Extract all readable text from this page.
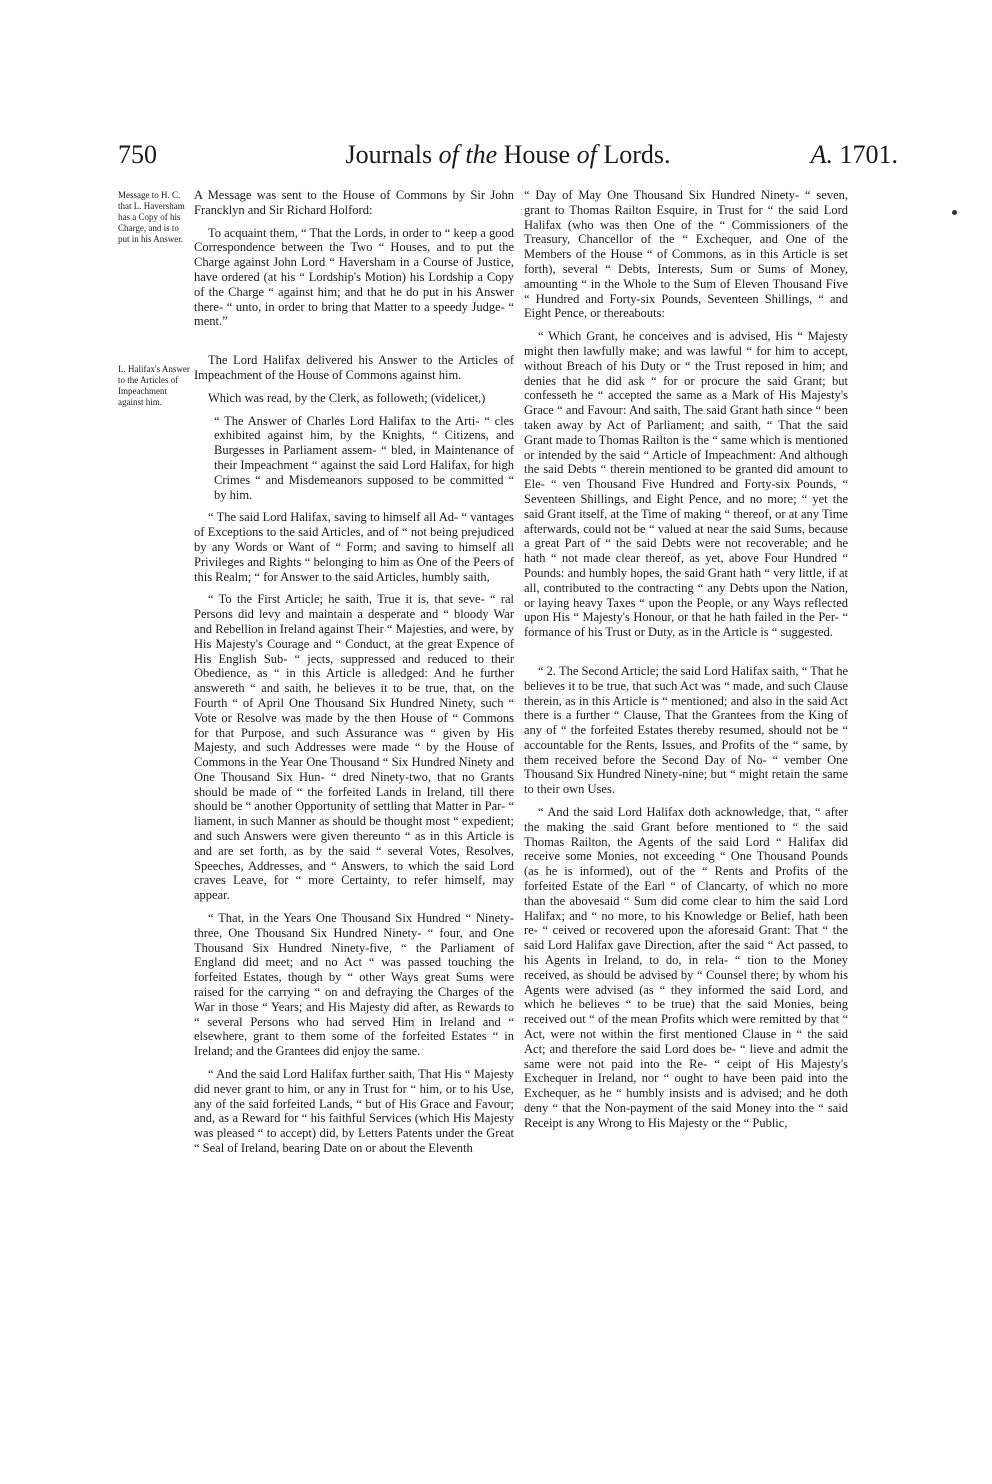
750	Journals of the House of Lords.	A. 1701.
Message to H. C. that L. Haversham has a Copy of his Charge, and is to put in his Answer.
L. Halifax's Answer to the Articles of Impeachment against him.

A Message was sent to the House of Commons by Sir John Francklyn and Sir Richard Holford:

To acquaint them, “ That the Lords, in order to “ keep a good Correspondence between the Two “ Houses, and to put the Charge against John Lord “ Haversham in a Course of Justice, have ordered (at his “ Lordship's Motion) his Lordship a Copy of the Charge “ against him; and that he do put in his Answer there- “ unto, in order to bring that Matter to a speedy Judge- “ ment.”

The Lord Halifax delivered his Answer to the Articles of Impeachment of the House of Commons against him.

Which was read, by the Clerk, as followeth; (videlicet,)

“ The Answer of Charles Lord Halifax to the Arti- “ cles exhibited against him, by the Knights, “ Citizens, and Burgesses in Parliament assem- “ bled, in Maintenance of their Impeachment “ against the said Lord Halifax, for high Crimes “ and Misdemeanors supposed to be committed “ by him.

“ The said Lord Halifax, saving to himself all Ad- “ vantages of Exceptions to the said Articles, and of “ not being prejudiced by any Words or Want of “ Form; and saving to himself all Privileges and Rights “ belonging to him as One of the Peers of this Realm; “ for Answer to the said Articles, humbly saith,

“ To the First Article; he saith, True it is, that seve- “ ral Persons did levy and maintain a desperate and “ bloody War and Rebellion in Ireland against Their “ Majesties, and were, by His Majesty's Courage and “ Conduct, at the great Expence of His English Sub- “ jects, suppressed and reduced to their Obedience, as “ in this Article is alledged: And he further answereth “ and saith, he believes it to be true, that, on the Fourth “ of April One Thousand Six Hundred Ninety, such “ Vote or Resolve was made by the then House of “ Commons for that Purpose, and such Assurance was “ given by His Majesty, and such Addresses were made “ by the House of Commons in the Year One Thousand “ Six Hundred Ninety and One Thousand Six Hun- “ dred Ninety-two, that no Grants should be made of “ the forfeited Lands in Ireland, till there should be “ another Opportunity of settling that Matter in Par- “ liament, in such Manner as should be thought most “ expedient; and such Answers were given thereunto “ as in this Article is and are set forth, as by the said “ several Votes, Resolves, Speeches, Addresses, and “ Answers, to which the said Lord craves Leave, for “ more Certainty, to refer himself, may appear.

“ That, in the Years One Thousand Six Hundred “ Ninety-three, One Thousand Six Hundred Ninety- “ four, and One Thousand Six Hundred Ninety-five, “ the Parliament of England did meet; and no Act “ was passed touching the forfeited Estates, though by “ other Ways great Sums were raised for the carrying “ on and defraying the Charges of the War in those “ Years; and His Majesty did after, as Rewards to “ several Persons who had served Him in Ireland and “ elsewhere, grant to them some of the forfeited Estates “ in Ireland; and the Grantees did enjoy the same.

“ And the said Lord Halifax further saith, That His “ Majesty did never grant to him, or any in Trust for “ him, or to his Use, any of the said forfeited Lands, “ but of His Grace and Favour; and, as a Reward for “ his faithful Services (which His Majesty was pleased “ to accept) did, by Letters Patents under the Great “ Seal of Ireland, bearing Date on or about the Eleventh

“ Day of May One Thousand Six Hundred Ninety- “ seven, grant to Thomas Railton Esquire, in Trust for “ the said Lord Halifax (who was then One of the “ Commissioners of the Treasury, Chancellor of the “ Exchequer, and One of the Members of the House “ of Commons, as in this Article is set forth), several “ Debts, Interests, Sum or Sums of Money, amounting “ in the Whole to the Sum of Eleven Thousand Five “ Hundred and Forty-six Pounds, Seventeen Shillings, “ and Eight Pence, or thereabouts:

“ Which Grant, he conceives and is advised, His “ Majesty might then lawfully make; and was lawful “ for him to accept, without Breach of his Duty or “ the Trust reposed in him; and denies that he did ask “ for or procure the said Grant; but confesseth he “ accepted the same as a Mark of His Majesty's Grace “ and Favour: And saith, The said Grant hath since “ been taken away by Act of Parliament; and saith, “ That the said Grant made to Thomas Railton is the “ same which is mentioned or intended by the said “ Article of Impeachment: And although the said Debts “ therein mentioned to be granted did amount to Ele- “ ven Thousand Five Hundred and Forty-six Pounds, “ Seventeen Shillings, and Eight Pence, and no more; “ yet the said Grant itself, at the Time of making “ thereof, or at any Time afterwards, could not be “ valued at near the said Sums, because a great Part of “ the said Debts were not recoverable; and he hath “ not made clear thereof, as yet, above Four Hundred “ Pounds: and humbly hopes, the said Grant hath “ very little, if at all, contributed to the contracting “ any Debts upon the Nation, or laying heavy Taxes “ upon the People, or any Ways reflected upon His “ Majesty's Honour, or that he hath failed in the Per- “ formance of his Trust or Duty, as in the Article is “ suggested.

“ 2. The Second Article; the said Lord Halifax saith, “ That he believes it to be true, that such Act was “ made, and such Clause therein, as in this Article is “ mentioned; and also in the said Act there is a further “ Clause, That the Grantees from the King of any of “ the forfeited Estates thereby resumed, should not be “ accountable for the Rents, Issues, and Profits of the “ same, by them received before the Second Day of No- “ vember One Thousand Six Hundred Ninety-nine; but “ might retain the same to their own Uses.

“ And the said Lord Halifax doth acknowledge, that, “ after the making the said Grant before mentioned to “ the said Thomas Railton, the Agents of the said Lord “ Halifax did receive some Monies, not exceeding “ One Thousand Pounds (as he is informed), out of the “ Rents and Profits of the forfeited Estate of the Earl “ of Clancarty, of which no more than the abovesaid “ Sum did come clear to him the said Lord Halifax; and “ no more, to his Knowledge or Belief, hath been re- “ ceived or recovered upon the aforesaid Grant: That “ the said Lord Halifax gave Direction, after the said “ Act passed, to his Agents in Ireland, to do, in rela- “ tion to the Money received, as should be advised by “ Counsel there; by whom his Agents were advised (as “ they informed the said Lord, and which he believes “ to be true) that the said Monies, being received out “ of the mean Profits which were remitted by that “ Act, were not within the first mentioned Clause in “ the said Act; and therefore the said Lord does be- “ lieve and admit the same were not paid into the Re- “ ceipt of His Majesty's Exchequer in Ireland, nor “ ought to have been paid into the Exchequer, as he “ humbly insists and is advised; and he doth deny “ that the Non-payment of the said Money into the “ said Receipt is any Wrong to His Majesty or the “ Public,
